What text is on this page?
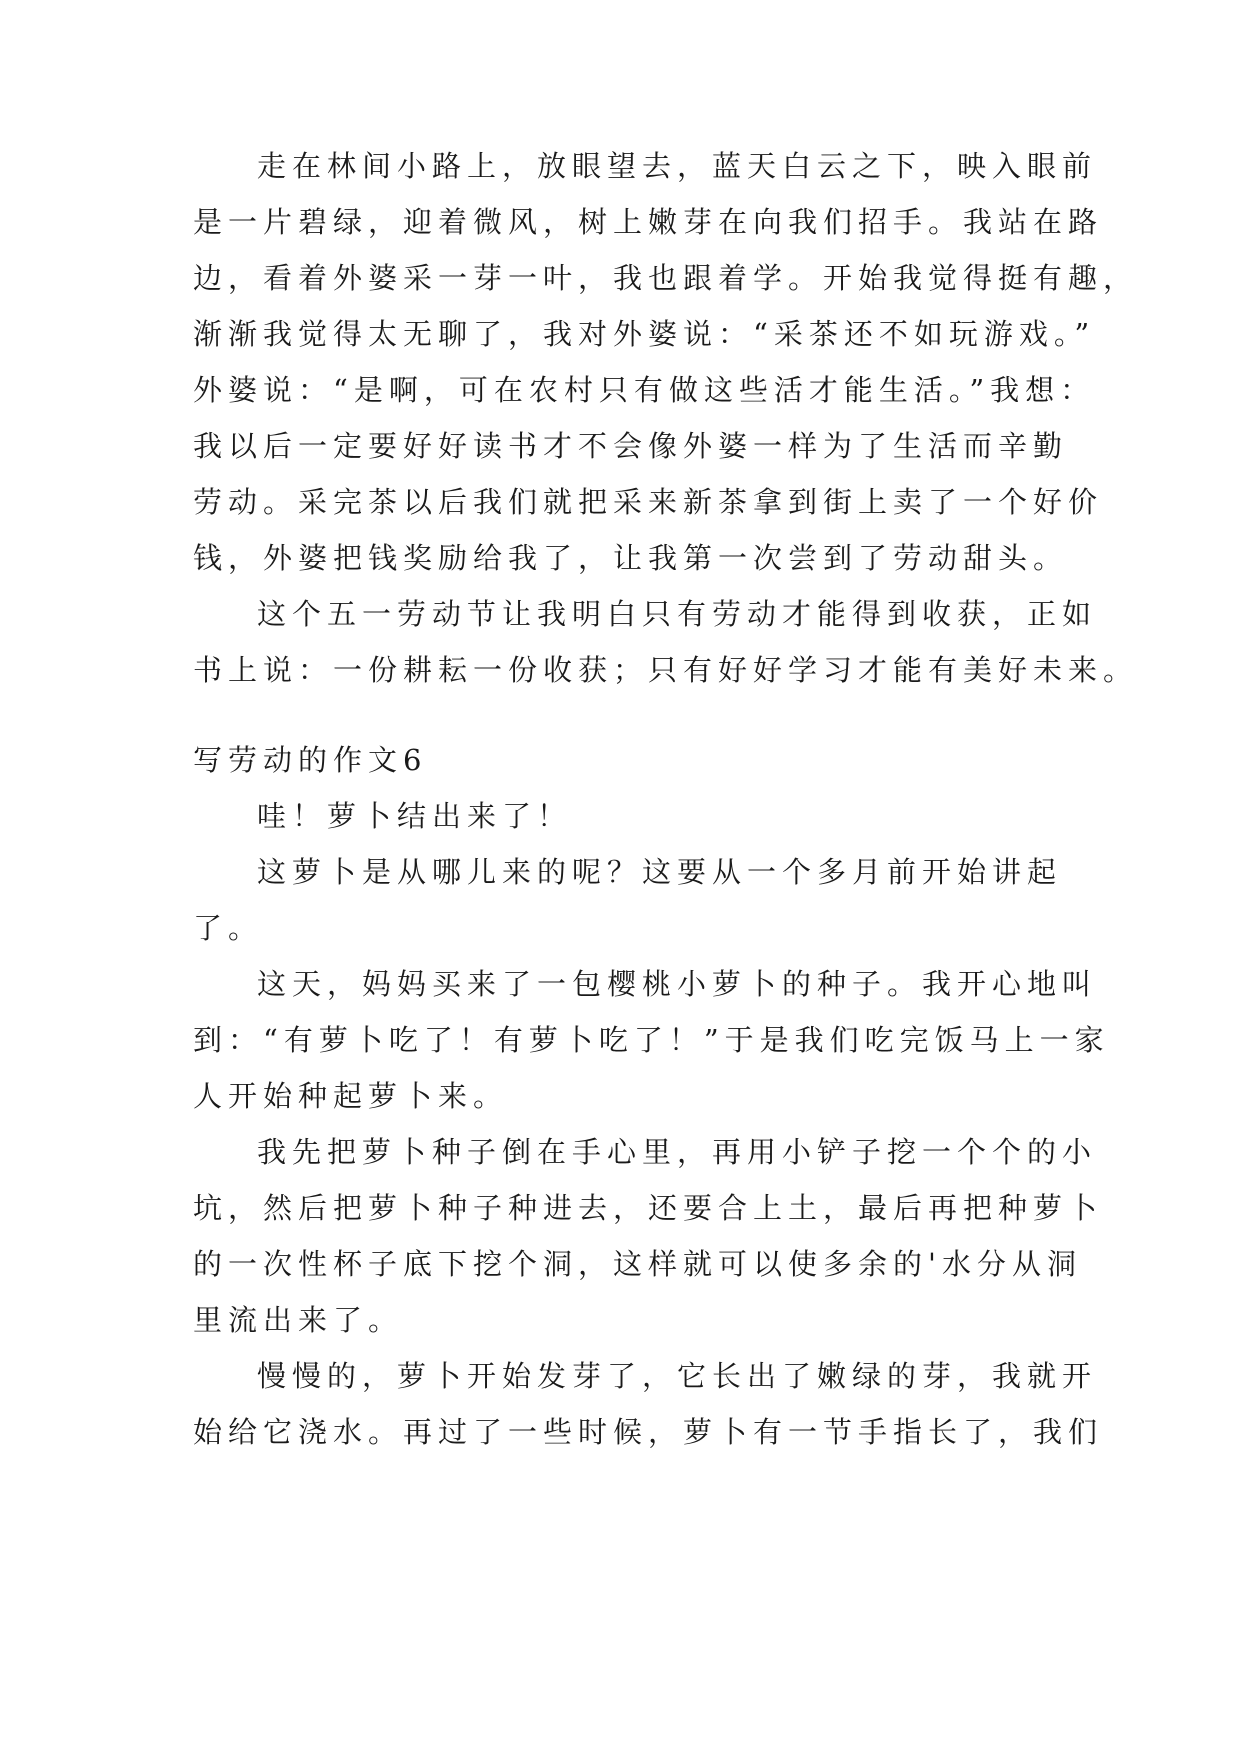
走在林间小路上，放眼望去，蓝天白云之下，映入眼前
是一片碧绿，迎着微风，树上嫩芽在向我们招手。我站在路
边，看着外婆采一芽一叶，我也跟着学。开始我觉得挺有趣，
渐渐我觉得太无聊了，我对外婆说：“采茶还不如玩游戏。”
外婆说：“是啊，可在农村只有做这些活才能生活。”我想：
我以后一定要好好读书才不会像外婆一样为了生活而辛勤
劳动。采完茶以后我们就把采来新茶拿到街上卖了一个好价
钱，外婆把钱奖励给我了，让我第一次尝到了劳动甜头。
这个五一劳动节让我明白只有劳动才能得到收获，正如
书上说：一份耕耘一份收获；只有好好学习才能有美好未来。
写劳动的作文6
哇！萝卜结出来了！
这萝卜是从哪儿来的呢？这要从一个多月前开始讲起
了。
这天，妈妈买来了一包樱桃小萝卜的种子。我开心地叫
到：“有萝卜吃了！有萝卜吃了！”于是我们吃完饭马上一家
人开始种起萝卜来。
我先把萝卜种子倒在手心里，再用小铲子挖一个个的小
坑，然后把萝卜种子种进去，还要合上土，最后再把种萝卜
的一次性杯子底下挖个洞，这样就可以使多余的'水分从洞
里流出来了。
慢慢的，萝卜开始发芽了，它长出了嫩绿的芽，我就开
始给它浇水。再过了一些时候，萝卜有一节手指长了，我们
